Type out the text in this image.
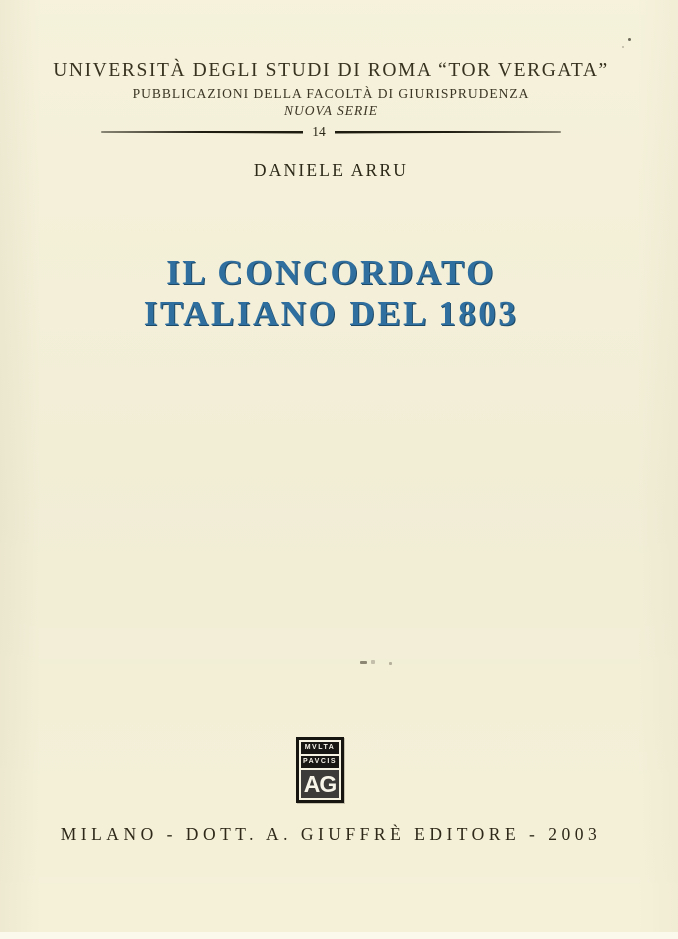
UNIVERSITÀ DEGLI STUDI DI ROMA “TOR VERGATA”
PUBBLICAZIONI DELLA FACOLTÀ DI GIURISPRUDENZA
NUOVA SERIE
14
DANIELE ARRU
IL CONCORDATO
ITALIANO DEL 1803
MVLTA
PAVCIS
AG
MILANO - DOTT. A. GIUFFRÈ EDITORE - 2003
